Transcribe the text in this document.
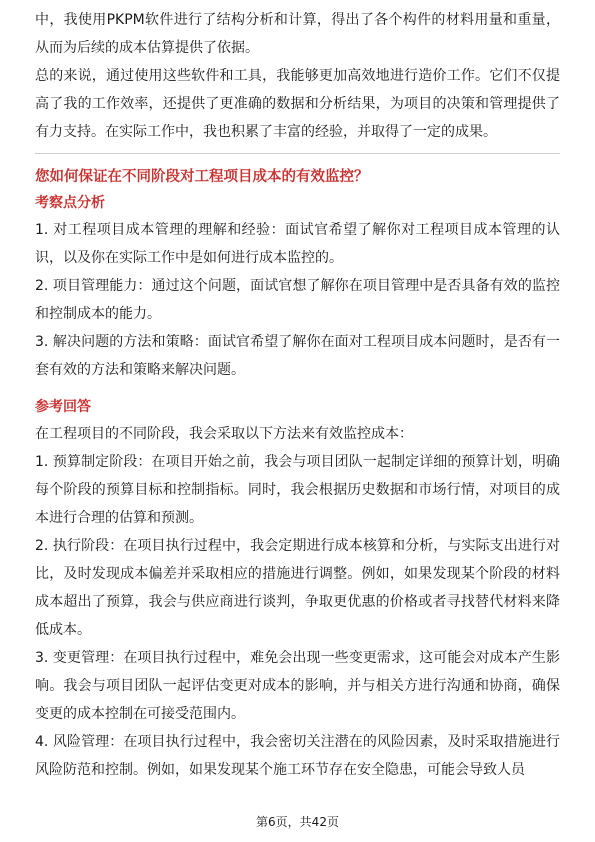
中，我使用PKPM软件进行了结构分析和计算，得出了各个构件的材料用量和重量，从而为后续的成本估算提供了依据。

总的来说，通过使用这些软件和工具，我能够更加高效地进行造价工作。它们不仅提高了我的工作效率，还提供了更准确的数据和分析结果，为项目的决策和管理提供了有力支持。在实际工作中，我也积累了丰富的经验，并取得了一定的成果。

您如何保证在不同阶段对工程项目成本的有效监控？

考察点分析

1. 对工程项目成本管理的理解和经验：面试官希望了解你对工程项目成本管理的认识，以及你在实际工作中是如何进行成本监控的。

2. 项目管理能力：通过这个问题，面试官想了解你在项目管理中是否具备有效的监控和控制成本的能力。

3. 解决问题的方法和策略：面试官希望了解你在面对工程项目成本问题时，是否有一套有效的方法和策略来解决问题。

参考回答

在工程项目的不同阶段，我会采取以下方法来有效监控成本：

1. 预算制定阶段：在项目开始之前，我会与项目团队一起制定详细的预算计划，明确每个阶段的预算目标和控制指标。同时，我会根据历史数据和市场行情，对项目的成本进行合理的估算和预测。

2. 执行阶段：在项目执行过程中，我会定期进行成本核算和分析，与实际支出进行对比，及时发现成本偏差并采取相应的措施进行调整。例如，如果发现某个阶段的材料成本超出了预算，我会与供应商进行谈判，争取更优惠的价格或者寻找替代材料来降低成本。

3. 变更管理：在项目执行过程中，难免会出现一些变更需求，这可能会对成本产生影响。我会与项目团队一起评估变更对成本的影响，并与相关方进行沟通和协商，确保变更的成本控制在可接受范围内。

4. 风险管理：在项目执行过程中，我会密切关注潜在的风险因素，及时采取措施进行风险防范和控制。例如，如果发现某个施工环节存在安全隐患，可能会导致人员

第6页，共42页
